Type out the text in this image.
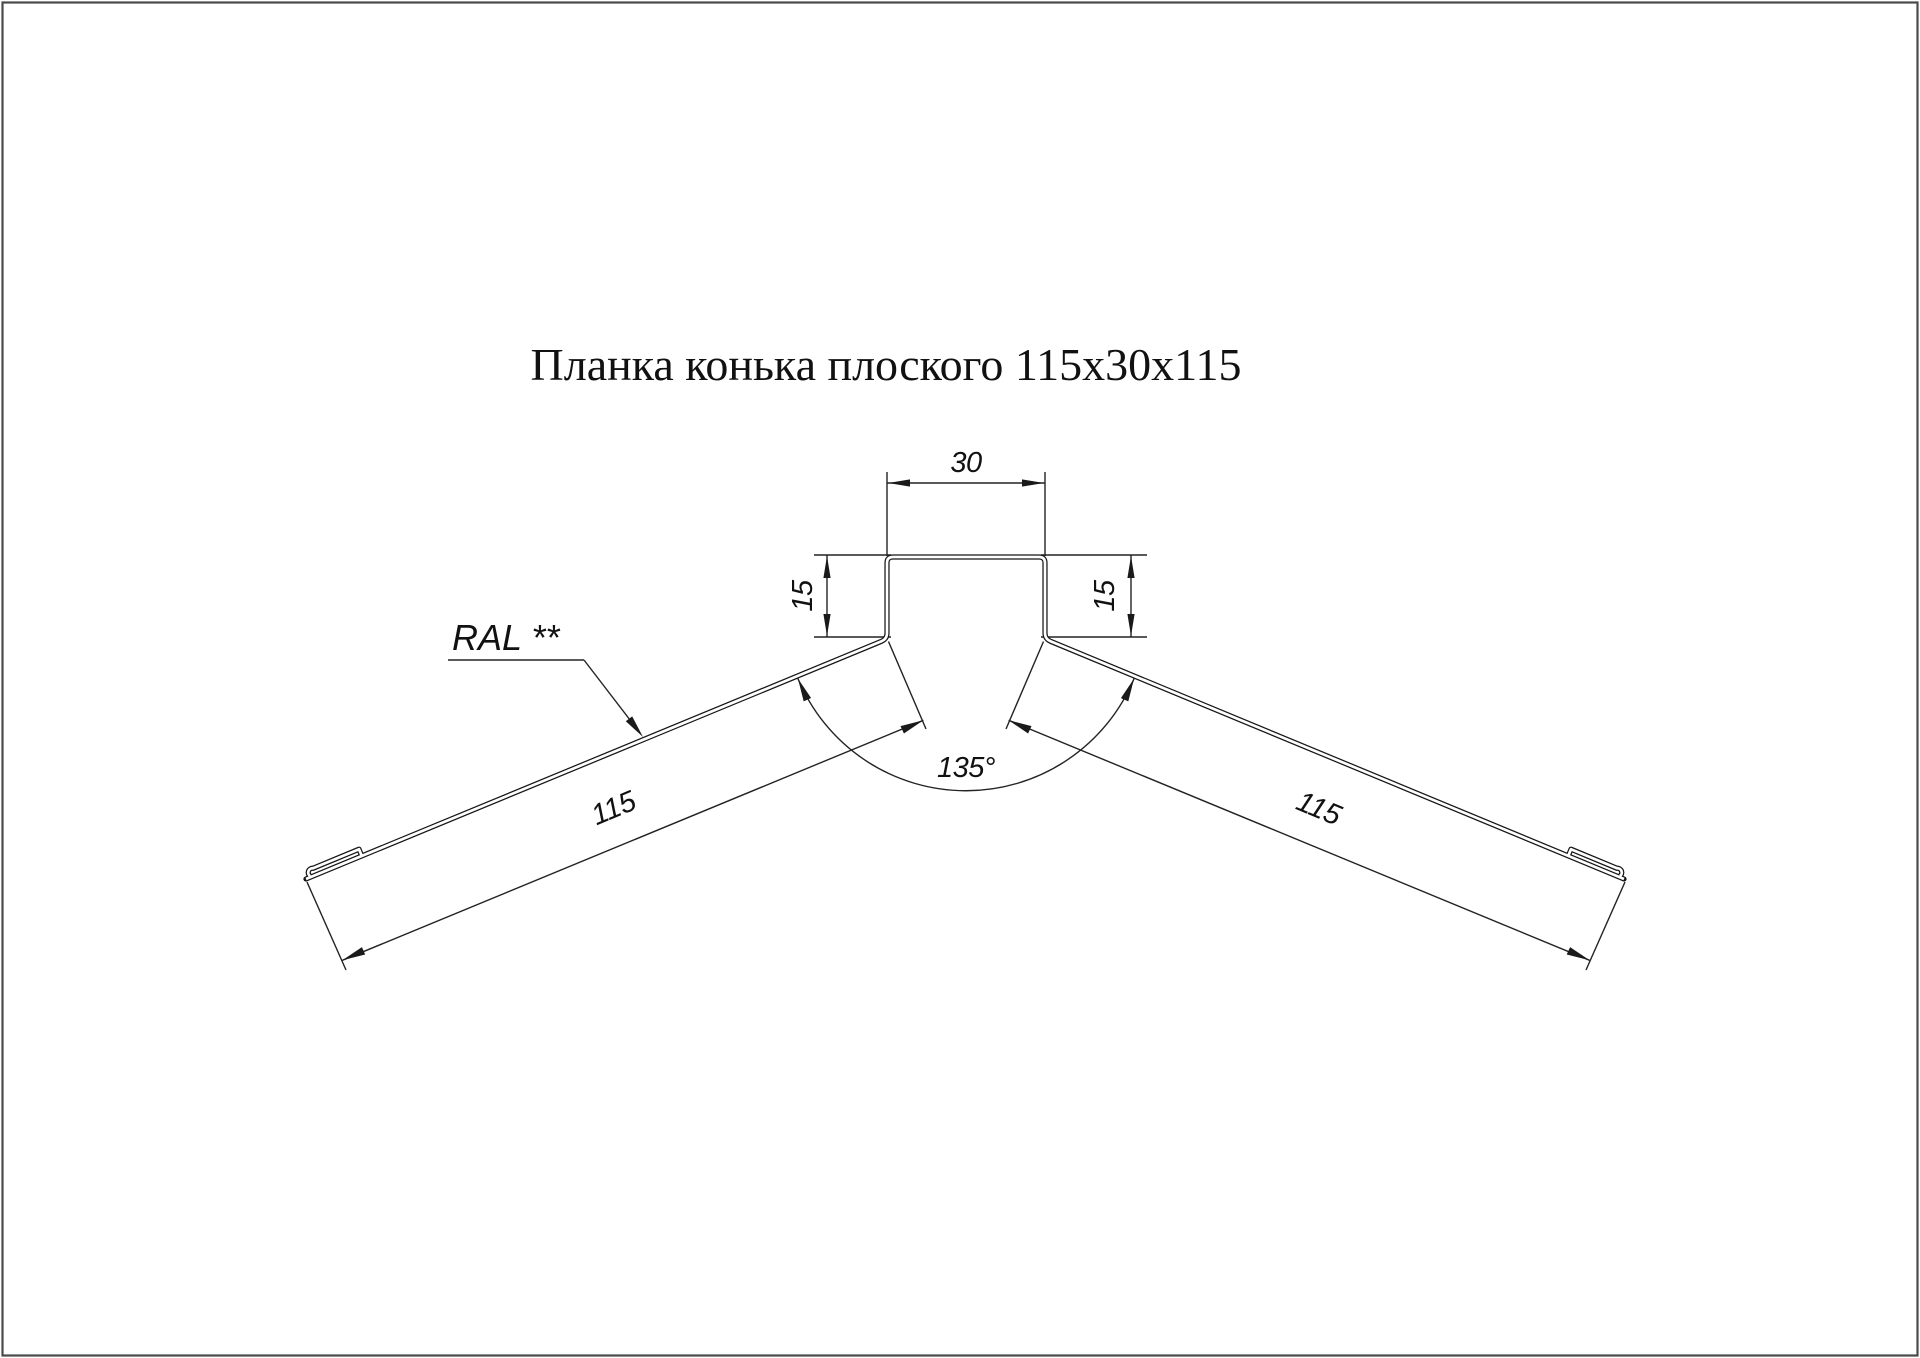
Планка конька плоского 115х30х115
30
15	15
115	115
135°
RAL **
